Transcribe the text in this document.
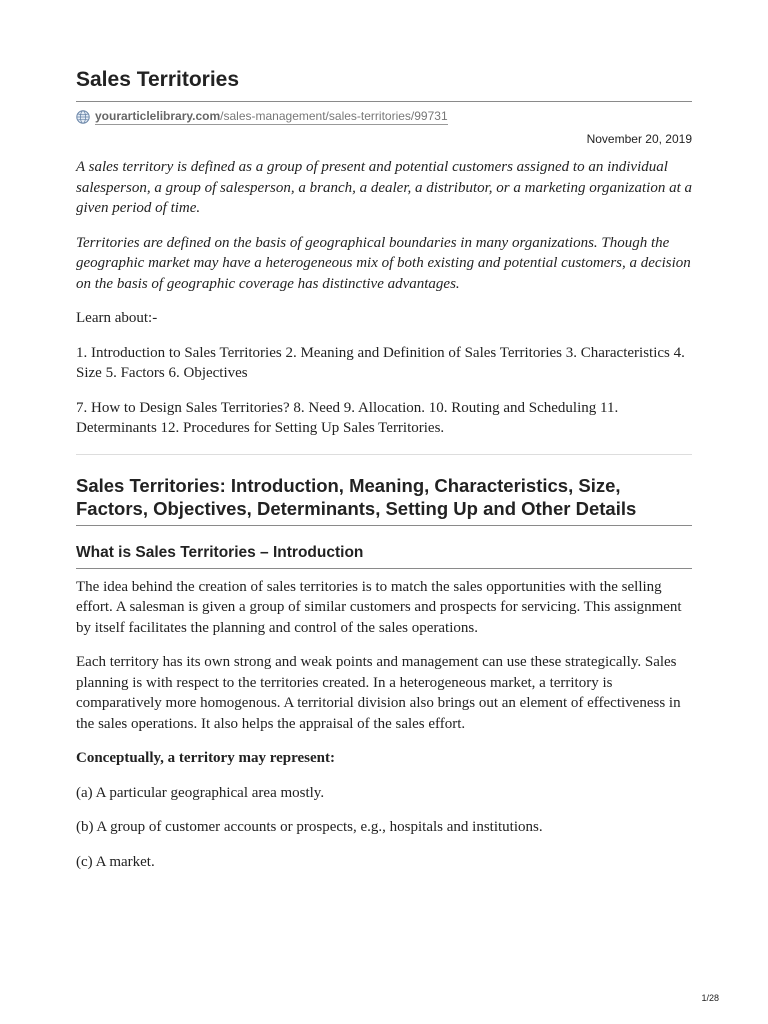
Sales Territories
yourarticlelibrary.com/sales-management/sales-territories/99731
November 20, 2019

A sales territory is defined as a group of present and potential customers assigned to an individual salesperson, a group of salesperson, a branch, a dealer, a distributor, or a marketing organization at a given period of time.

Territories are defined on the basis of geographical boundaries in many organizations. Though the geographic market may have a heterogeneous mix of both existing and potential customers, a decision on the basis of geographic coverage has distinctive advantages.

Learn about:-

1. Introduction to Sales Territories 2. Meaning and Definition of Sales Territories 3. Characteristics 4. Size 5. Factors 6. Objectives

7. How to Design Sales Territories? 8. Need 9. Allocation. 10. Routing and Scheduling 11. Determinants 12. Procedures for Setting Up Sales Territories.

Sales Territories: Introduction, Meaning, Characteristics, Size, Factors, Objectives, Determinants, Setting Up and Other Details
What is Sales Territories – Introduction

The idea behind the creation of sales territories is to match the sales opportunities with the selling effort. A salesman is given a group of similar customers and prospects for servicing. This assignment by itself facilitates the planning and control of the sales operations.

Each territory has its own strong and weak points and management can use these strategically. Sales planning is with respect to the territories created. In a heterogeneous market, a territory is comparatively more homogenous. A territorial division also brings out an element of effectiveness in the sales operations. It also helps the appraisal of the sales effort.

Conceptually, a territory may represent:

(a) A particular geographical area mostly.

(b) A group of customer accounts or prospects, e.g., hospitals and institutions.

(c) A market.

1/28
